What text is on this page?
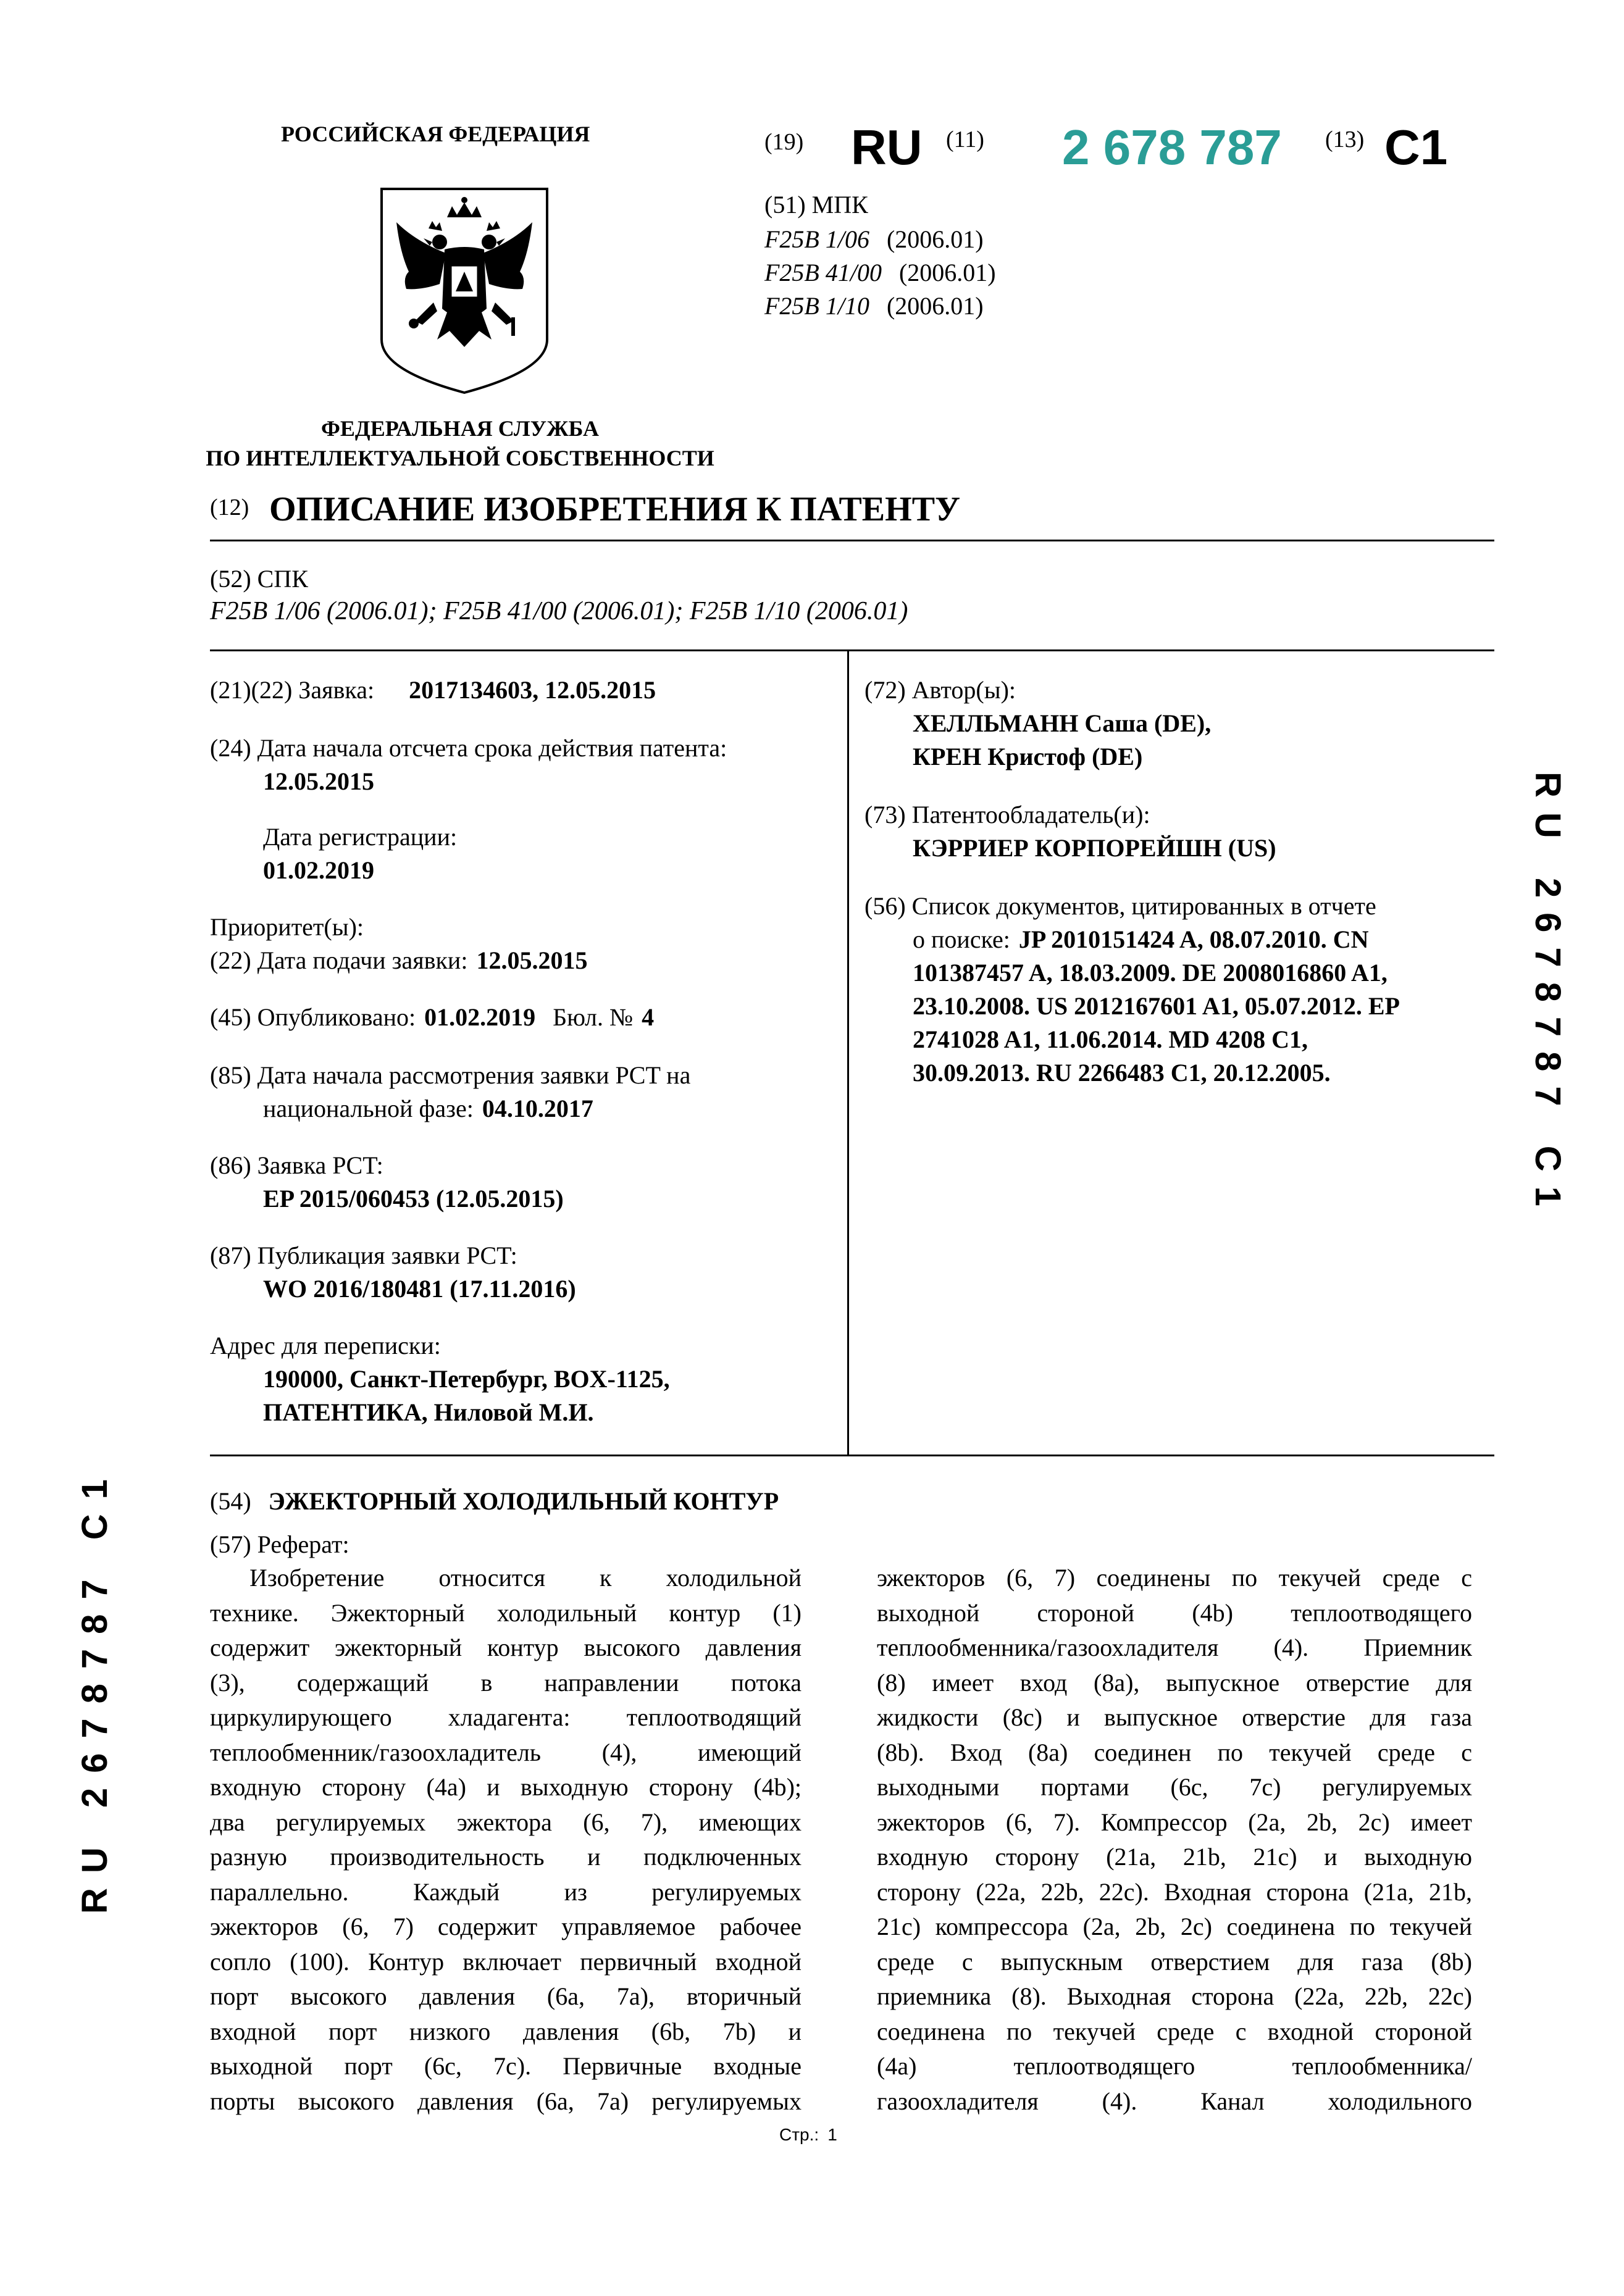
РОССИЙСКАЯ ФЕДЕРАЦИЯ
ФЕДЕРАЛЬНАЯ СЛУЖБА
ПО ИНТЕЛЛЕКТУАЛЬНОЙ СОБСТВЕННОСТИ
(19) RU (11) 2 678 787 (13) C1
(51) МПК
F25B 1/06 (2006.01)
F25B 41/00 (2006.01)
F25B 1/10 (2006.01)
(12) ОПИСАНИЕ ИЗОБРЕТЕНИЯ К ПАТЕНТУ
(52) СПК
F25B 1/06 (2006.01); F25B 41/00 (2006.01); F25B 1/10 (2006.01)
(21)(22) Заявка: 2017134603, 12.05.2015
(24) Дата начала отсчета срока действия патента:
12.05.2015
Дата регистрации:
01.02.2019
Приоритет(ы):
(22) Дата подачи заявки: 12.05.2015
(45) Опубликовано: 01.02.2019 Бюл. № 4
(85) Дата начала рассмотрения заявки PCT на
национальной фазе: 04.10.2017
(86) Заявка PCT:
EP 2015/060453 (12.05.2015)
(87) Публикация заявки PCT:
WO 2016/180481 (17.11.2016)
Адрес для переписки:
190000, Санкт-Петербург, BOX-1125,
ПАТЕНТИКА, Ниловой М.И.
(72) Автор(ы):
ХЕЛЛЬМАНН Саша (DE),
КРЕН Кристоф (DE)
(73) Патентообладатель(и):
КЭРРИЕР КОРПОРЕЙШН (US)
(56) Список документов, цитированных в отчете
о поиске: JP 2010151424 A, 08.07.2010. CN
101387457 A, 18.03.2009. DE 2008016860 A1,
23.10.2008. US 2012167601 A1, 05.07.2012. EP
2741028 A1, 11.06.2014. MD 4208 C1,
30.09.2013. RU 2266483 C1, 20.12.2005.
(54) ЭЖЕКТОРНЫЙ ХОЛОДИЛЬНЫЙ КОНТУР
(57) Реферат:
Изобретение относится к холодильной
технике. Эжекторный холодильный контур (1)
содержит эжекторный контур высокого давления
(3), содержащий в направлении потока
циркулирующего хладагента: теплоотводящий
теплообменник/газоохладитель (4), имеющий
входную сторону (4a) и выходную сторону (4b);
два регулируемых эжектора (6, 7), имеющих
разную производительность и подключенных
параллельно. Каждый из регулируемых
эжекторов (6, 7) содержит управляемое рабочее
сопло (100). Контур включает первичный входной
порт высокого давления (6a, 7a), вторичный
входной порт низкого давления (6b, 7b) и
выходной порт (6c, 7c). Первичные входные
порты высокого давления (6a, 7a) регулируемых
эжекторов (6, 7) соединены по текучей среде с
выходной стороной (4b) теплоотводящего
теплообменника/газоохладителя (4). Приемник
(8) имеет вход (8a), выпускное отверстие для
жидкости (8c) и выпускное отверстие для газа
(8b). Вход (8a) соединен по текучей среде с
выходными портами (6c, 7c) регулируемых
эжекторов (6, 7). Компрессор (2a, 2b, 2c) имеет
входную сторону (21a, 21b, 21c) и выходную
сторону (22a, 22b, 22c). Входная сторона (21a, 21b,
21c) компрессора (2a, 2b, 2c) соединена по текучей
среде с выпускным отверстием для газа (8b)
приемника (8). Выходная сторона (22a, 22b, 22c)
соединена по текучей среде с входной стороной
(4a) теплоотводящего теплообменника/
газоохладителя (4). Канал холодильного
RU 2678787 C1
RU 2678787 C1
Стр.: 1
